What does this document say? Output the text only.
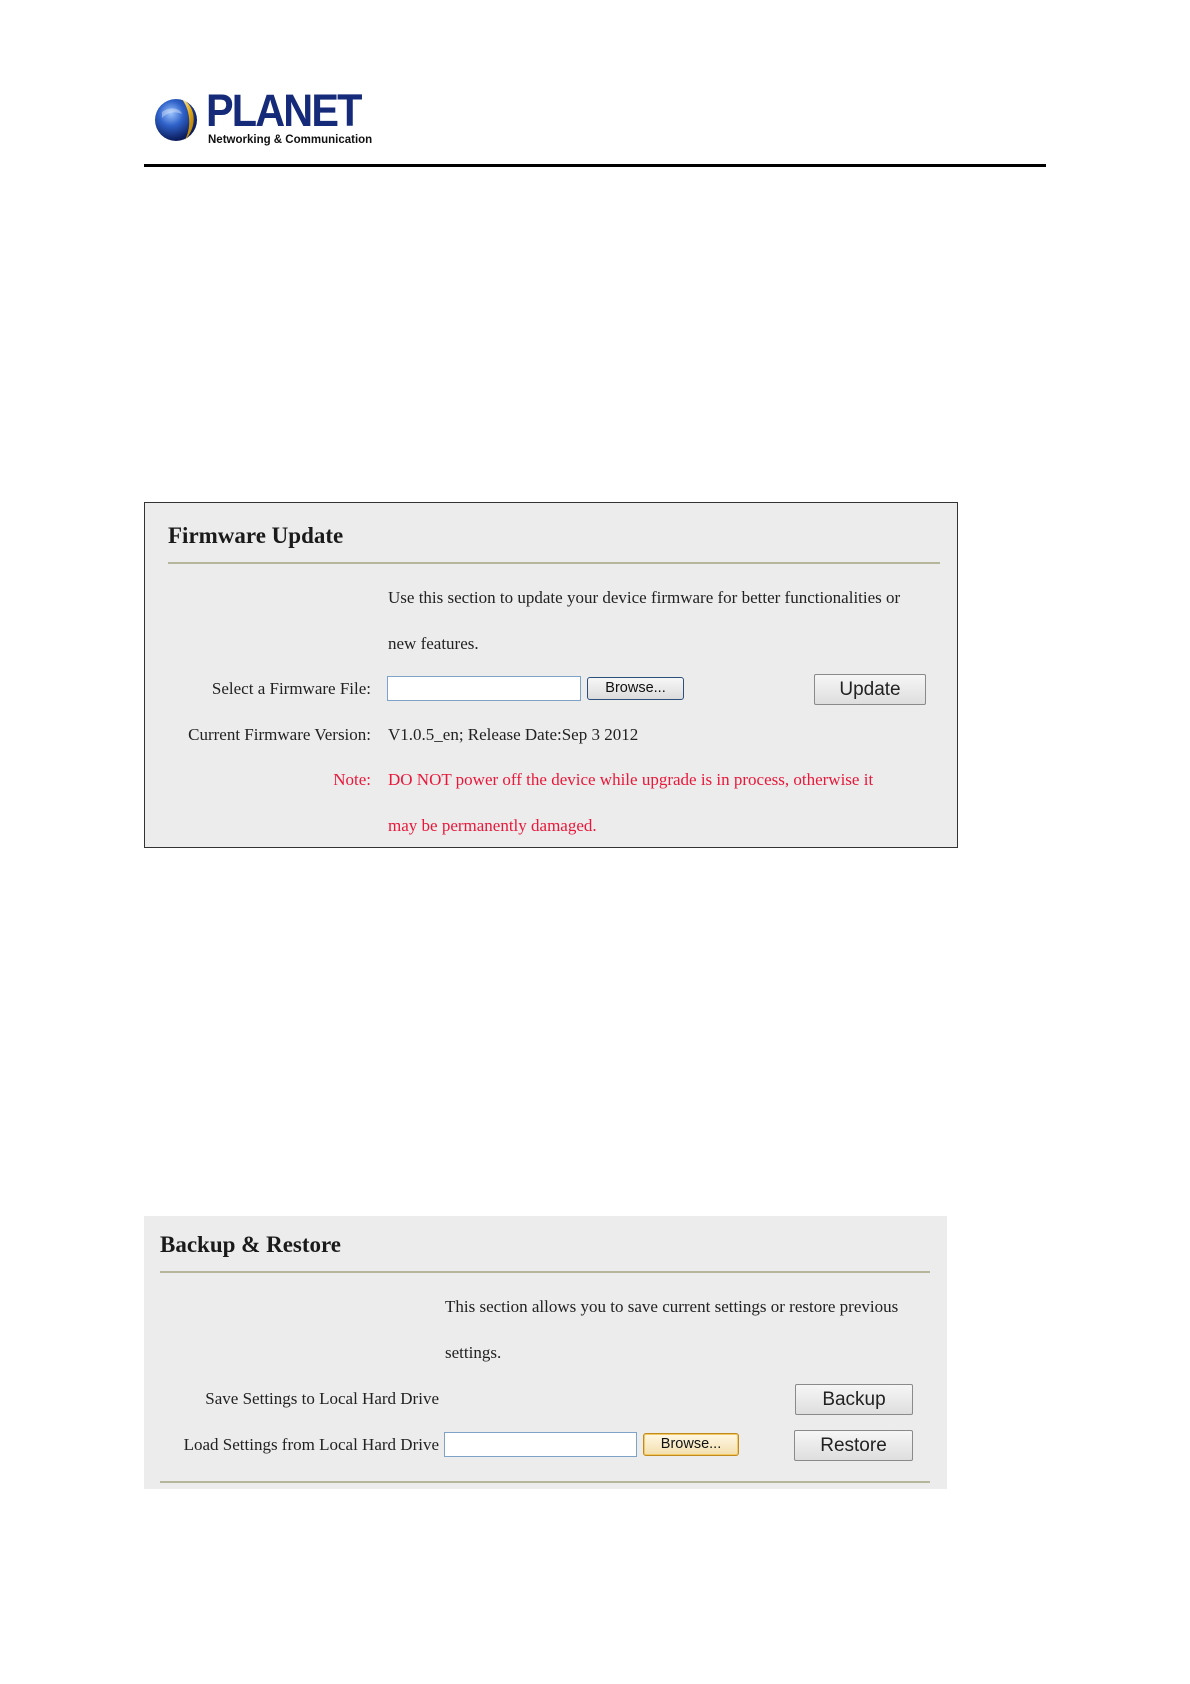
PLANET
Networking & Communication
Firmware Update
Use this section to update your device firmware for better functionalities or
new features.
Select a Firmware File:	Browse...	Update
Current Firmware Version: V1.0.5_en; Release Date:Sep 3 2012
Note: DO NOT power off the device while upgrade is in process, otherwise it
may be permanently damaged.
Backup & Restore
This section allows you to save current settings or restore previous
settings.
Save Settings to Local Hard Drive	Backup
Load Settings from Local Hard Drive	Browse...	Restore
